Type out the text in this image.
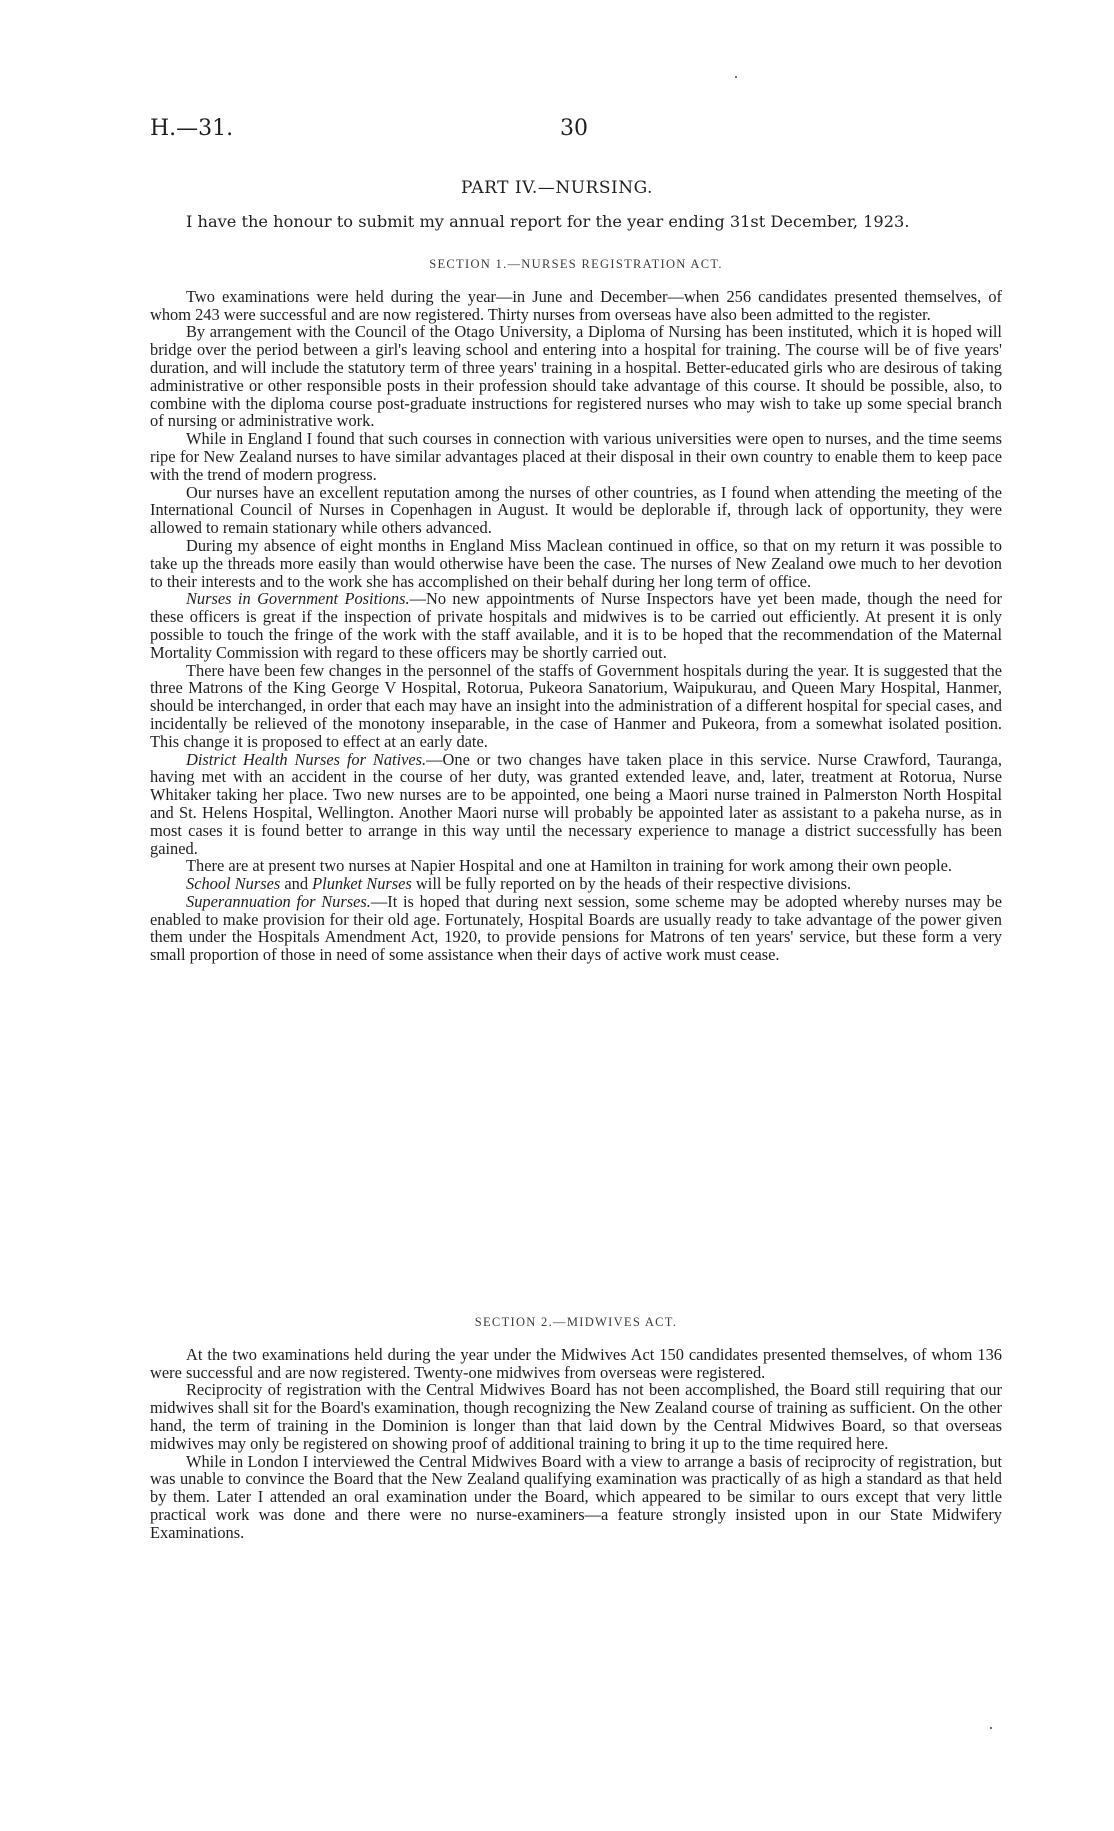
H.—31.	30
PART IV.—NURSING.
I have the honour to submit my annual report for the year ending 31st December, 1923.
SECTION 1.—NURSES REGISTRATION ACT.

Two examinations were held during the year—in June and December—when 256 candidates presented themselves, of whom 243 were successful and are now registered. Thirty nurses from overseas have also been admitted to the register.

By arrangement with the Council of the Otago University, a Diploma of Nursing has been instituted, which it is hoped will bridge over the period between a girl's leaving school and entering into a hospital for training. The course will be of five years' duration, and will include the statutory term of three years' training in a hospital. Better-educated girls who are desirous of taking administrative or other responsible posts in their profession should take advantage of this course. It should be possible, also, to combine with the diploma course post-graduate instructions for registered nurses who may wish to take up some special branch of nursing or administrative work.

While in England I found that such courses in connection with various universities were open to nurses, and the time seems ripe for New Zealand nurses to have similar advantages placed at their disposal in their own country to enable them to keep pace with the trend of modern progress.

Our nurses have an excellent reputation among the nurses of other countries, as I found when attending the meeting of the International Council of Nurses in Copenhagen in August. It would be deplorable if, through lack of opportunity, they were allowed to remain stationary while others advanced.

During my absence of eight months in England Miss Maclean continued in office, so that on my return it was possible to take up the threads more easily than would otherwise have been the case. The nurses of New Zealand owe much to her devotion to their interests and to the work she has accomplished on their behalf during her long term of office.

Nurses in Government Positions.—No new appointments of Nurse Inspectors have yet been made, though the need for these officers is great if the inspection of private hospitals and midwives is to be carried out efficiently. At present it is only possible to touch the fringe of the work with the staff available, and it is to be hoped that the recommendation of the Maternal Mortality Commission with regard to these officers may be shortly carried out.

There have been few changes in the personnel of the staffs of Government hospitals during the year. It is suggested that the three Matrons of the King George V Hospital, Rotorua, Pukeora Sanatorium, Waipukurau, and Queen Mary Hospital, Hanmer, should be interchanged, in order that each may have an insight into the administration of a different hospital for special cases, and incidentally be relieved of the monotony inseparable, in the case of Hanmer and Pukeora, from a somewhat isolated position. This change it is proposed to effect at an early date.

District Health Nurses for Natives.—One or two changes have taken place in this service. Nurse Crawford, Tauranga, having met with an accident in the course of her duty, was granted extended leave, and, later, treatment at Rotorua, Nurse Whitaker taking her place. Two new nurses are to be appointed, one being a Maori nurse trained in Palmerston North Hospital and St. Helens Hospital, Wellington. Another Maori nurse will probably be appointed later as assistant to a pakeha nurse, as in most cases it is found better to arrange in this way until the necessary experience to manage a district successfully has been gained.

There are at present two nurses at Napier Hospital and one at Hamilton in training for work among their own people.

School Nurses and Plunket Nurses will be fully reported on by the heads of their respective divisions.

Superannuation for Nurses.—It is hoped that during next session, some scheme may be adopted whereby nurses may be enabled to make provision for their old age. Fortunately, Hospital Boards are usually ready to take advantage of the power given them under the Hospitals Amendment Act, 1920, to provide pensions for Matrons of ten years' service, but these form a very small proportion of those in need of some assistance when their days of active work must cease.

SECTION 2.—MIDWIVES ACT.

At the two examinations held during the year under the Midwives Act 150 candidates presented themselves, of whom 136 were successful and are now registered. Twenty-one midwives from overseas were registered.

Reciprocity of registration with the Central Midwives Board has not been accomplished, the Board still requiring that our midwives shall sit for the Board's examination, though recognizing the New Zealand course of training as sufficient. On the other hand, the term of training in the Dominion is longer than that laid down by the Central Midwives Board, so that overseas midwives may only be registered on showing proof of additional training to bring it up to the time required here.

While in London I interviewed the Central Midwives Board with a view to arrange a basis of reciprocity of registration, but was unable to convince the Board that the New Zealand qualifying examination was practically of as high a standard as that held by them. Later I attended an oral examination under the Board, which appeared to be similar to ours except that very little practical work was done and there were no nurse-examiners—a feature strongly insisted upon in our State Midwifery Examinations.
